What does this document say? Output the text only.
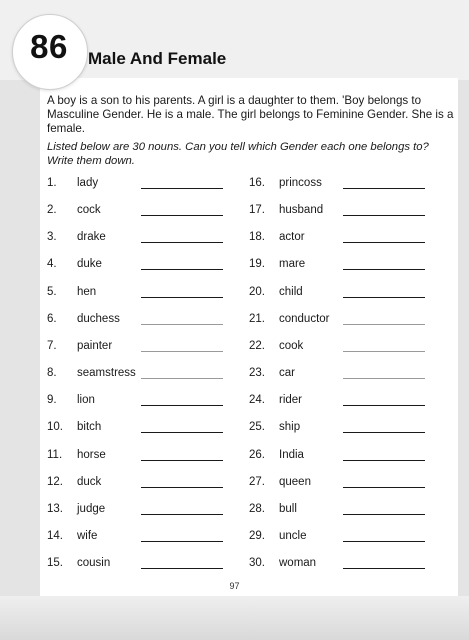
86	Male And Female
A boy is a son to his parents. A girl is a daughter to them. 'Boy belongs to Masculine Gender. He is a male. The girl belongs to Feminine Gender. She is a female.
Listed below are 30 nouns. Can you tell which Gender each one belongs to? Write them down.
1. lady
2. cock
3. drake
4. duke
5. hen
6. duchess
7. painter
8. seamstress
9. lion
10. bitch
11. horse
12. duck
13. judge
14. wife
15. cousin
16. princoss
17. husband
18. actor
19. mare
20. child
21. conductor
22. cook
23. car
24. rider
25. ship
26. India
27. queen
28. bull
29. uncle
30. woman
97
